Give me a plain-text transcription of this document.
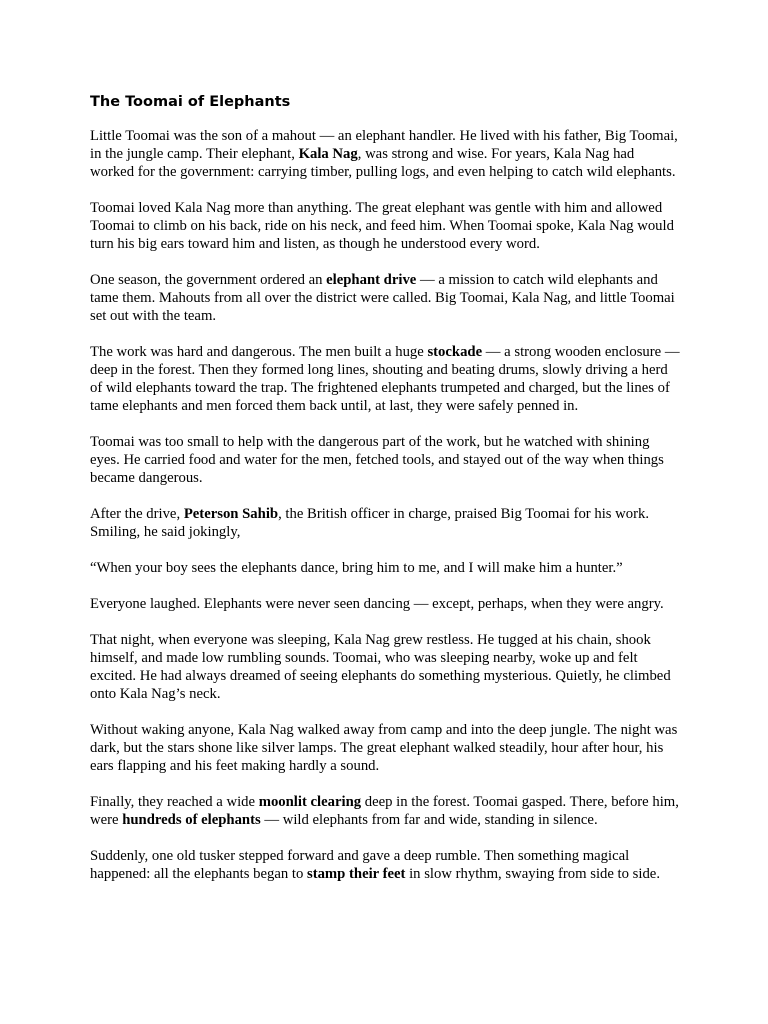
The Toomai of Elephants

Little Toomai was the son of a mahout — an elephant handler. He lived with his father, Big Toomai, in the jungle camp. Their elephant, Kala Nag, was strong and wise. For years, Kala Nag had worked for the government: carrying timber, pulling logs, and even helping to catch wild elephants.

Toomai loved Kala Nag more than anything. The great elephant was gentle with him and allowed Toomai to climb on his back, ride on his neck, and feed him. When Toomai spoke, Kala Nag would turn his big ears toward him and listen, as though he understood every word.

One season, the government ordered an elephant drive — a mission to catch wild elephants and tame them. Mahouts from all over the district were called. Big Toomai, Kala Nag, and little Toomai set out with the team.

The work was hard and dangerous. The men built a huge stockade — a strong wooden enclosure — deep in the forest. Then they formed long lines, shouting and beating drums, slowly driving a herd of wild elephants toward the trap. The frightened elephants trumpeted and charged, but the lines of tame elephants and men forced them back until, at last, they were safely penned in.

Toomai was too small to help with the dangerous part of the work, but he watched with shining eyes. He carried food and water for the men, fetched tools, and stayed out of the way when things became dangerous.

After the drive, Peterson Sahib, the British officer in charge, praised Big Toomai for his work. Smiling, he said jokingly,

“When your boy sees the elephants dance, bring him to me, and I will make him a hunter.”

Everyone laughed. Elephants were never seen dancing — except, perhaps, when they were angry.

That night, when everyone was sleeping, Kala Nag grew restless. He tugged at his chain, shook himself, and made low rumbling sounds. Toomai, who was sleeping nearby, woke up and felt excited. He had always dreamed of seeing elephants do something mysterious. Quietly, he climbed onto Kala Nag’s neck.

Without waking anyone, Kala Nag walked away from camp and into the deep jungle. The night was dark, but the stars shone like silver lamps. The great elephant walked steadily, hour after hour, his ears flapping and his feet making hardly a sound.

Finally, they reached a wide moonlit clearing deep in the forest. Toomai gasped. There, before him, were hundreds of elephants — wild elephants from far and wide, standing in silence.

Suddenly, one old tusker stepped forward and gave a deep rumble. Then something magical happened: all the elephants began to stamp their feet in slow rhythm, swaying from side to side.
